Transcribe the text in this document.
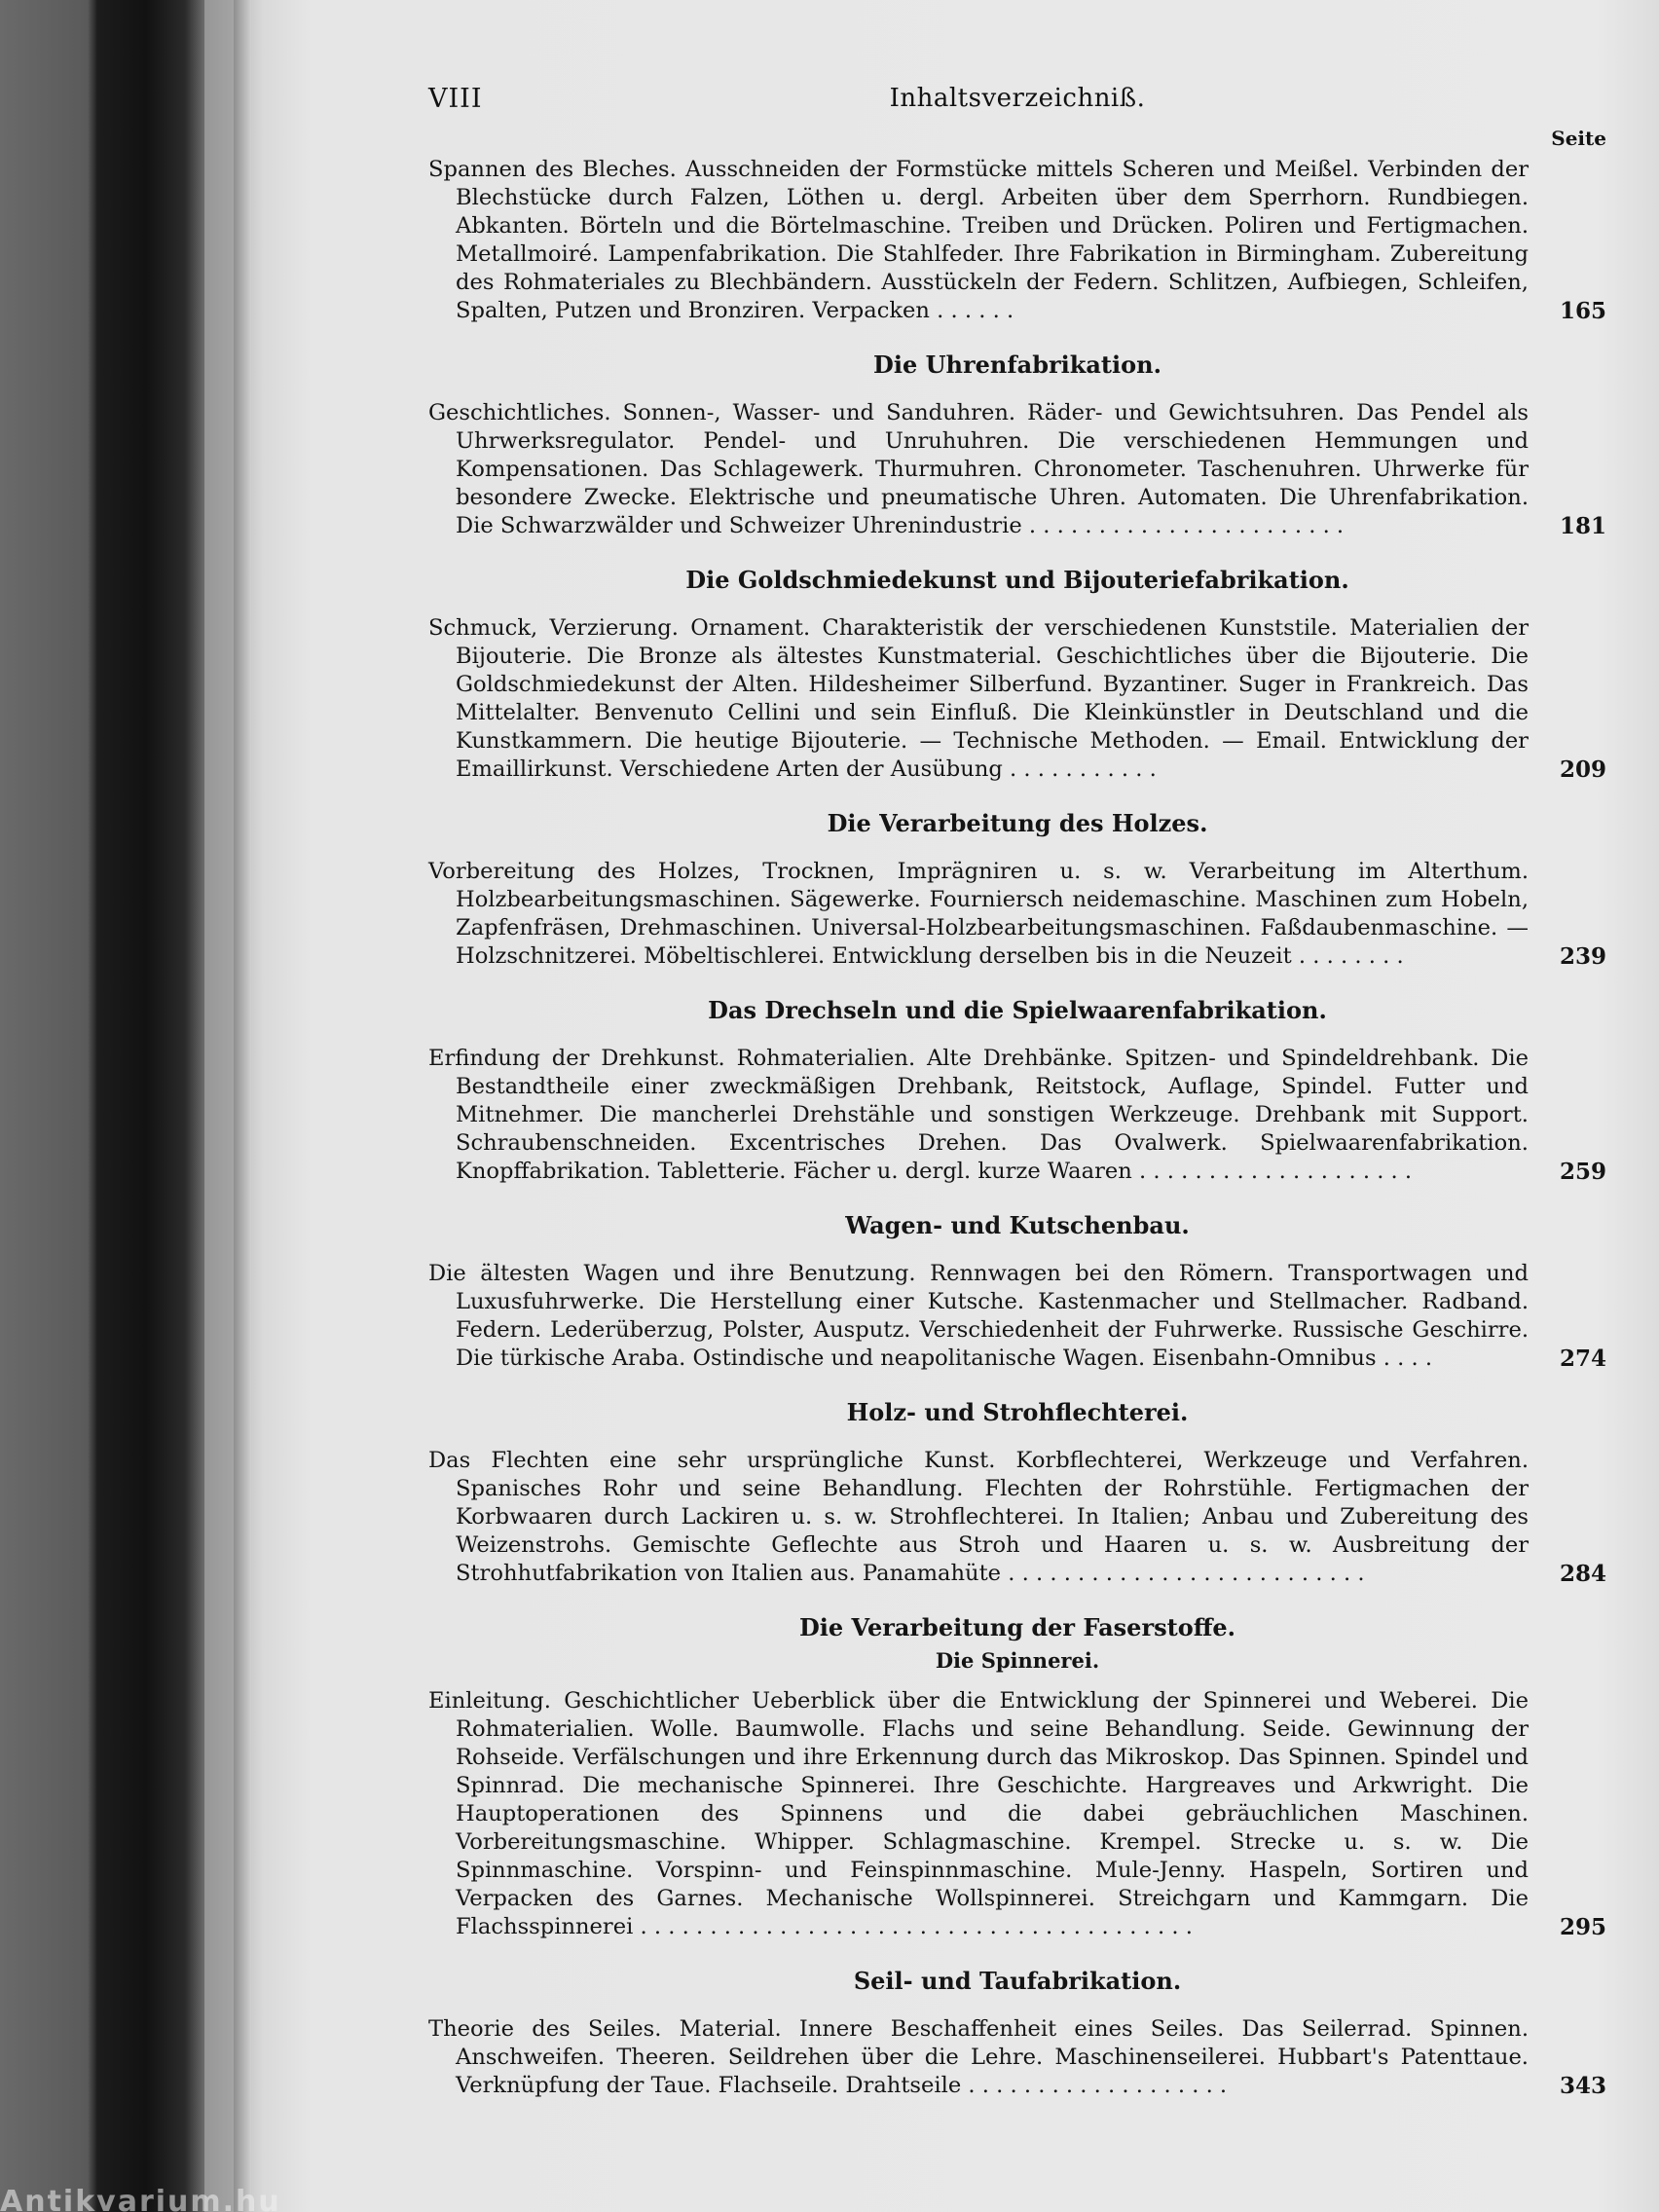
VIII	Inhaltsverzeichniß.
Seite
Spannen des Bleches. Ausschneiden der Formstücke mittels Scheren und Meißel. Verbinden der Blechstücke durch Falzen, Löthen u. dergl. Arbeiten über dem Sperrhorn. Rundbiegen. Abkanten. Börteln und die Börtelmaschine. Treiben und Drücken. Poliren und Fertigmachen. Metallmoiré. Lampenfabrikation. Die Stahlfeder. Ihre Fabrikation in Birmingham. Zubereitung des Rohmateriales zu Blechbändern. Ausstückeln der Federn. Schlitzen, Aufbiegen, Schleifen, Spalten, Putzen und Bronziren. Verpacken . . . . . .	165
Die Uhrenfabrikation.
Geschichtliches. Sonnen-, Wasser- und Sanduhren. Räder- und Gewichtsuhren. Das Pendel als Uhrwerksregulator. Pendel- und Unruhuhren. Die verschiedenen Hemmungen und Kompensationen. Das Schlagewerk. Thurmuhren. Chronometer. Taschenuhren. Uhrwerke für besondere Zwecke. Elektrische und pneumatische Uhren. Automaten. Die Uhrenfabrikation. Die Schwarzwälder und Schweizer Uhrenindustrie . . . . . . . . . . . . . . . . . . . . . . .	181
Die Goldschmiedekunst und Bijouteriefabrikation.
Schmuck, Verzierung. Ornament. Charakteristik der verschiedenen Kunststile. Materialien der Bijouterie. Die Bronze als ältestes Kunstmaterial. Geschichtliches über die Bijouterie. Die Goldschmiedekunst der Alten. Hildesheimer Silberfund. Byzantiner. Suger in Frankreich. Das Mittelalter. Benvenuto Cellini und sein Einfluß. Die Kleinkünstler in Deutschland und die Kunstkammern. Die heutige Bijouterie. — Technische Methoden. — Email. Entwicklung der Emaillirkunst. Verschiedene Arten der Ausübung . . . . . . . . . . .	209
Die Verarbeitung des Holzes.
Vorbereitung des Holzes, Trocknen, Imprägniren u. s. w. Verarbeitung im Alterthum. Holzbearbeitungsmaschinen. Sägewerke. Fourniersch neidemaschine. Maschinen zum Hobeln, Zapfenfräsen, Drehmaschinen. Universal-Holzbearbeitungsmaschinen. Faßdaubenmaschine. — Holzschnitzerei. Möbeltischlerei. Entwicklung derselben bis in die Neuzeit . . . . . . . .	239
Das Drechseln und die Spielwaarenfabrikation.
Erfindung der Drehkunst. Rohmaterialien. Alte Drehbänke. Spitzen- und Spindeldrehbank. Die Bestandtheile einer zweckmäßigen Drehbank, Reitstock, Auflage, Spindel. Futter und Mitnehmer. Die mancherlei Drehstähle und sonstigen Werkzeuge. Drehbank mit Support. Schraubenschneiden. Excentrisches Drehen. Das Ovalwerk. Spielwaarenfabrikation. Knopffabrikation. Tabletterie. Fächer u. dergl. kurze Waaren . . . . . . . . . . . . . . . . . . . .	259
Wagen- und Kutschenbau.
Die ältesten Wagen und ihre Benutzung. Rennwagen bei den Römern. Transportwagen und Luxusfuhrwerke. Die Herstellung einer Kutsche. Kastenmacher und Stellmacher. Radband. Federn. Lederüberzug, Polster, Ausputz. Verschiedenheit der Fuhrwerke. Russische Geschirre. Die türkische Araba. Ostindische und neapolitanische Wagen. Eisenbahn-Omnibus . . . .	274
Holz- und Strohflechterei.
Das Flechten eine sehr ursprüngliche Kunst. Korbflechterei, Werkzeuge und Verfahren. Spanisches Rohr und seine Behandlung. Flechten der Rohrstühle. Fertigmachen der Korbwaaren durch Lackiren u. s. w. Strohflechterei. In Italien; Anbau und Zubereitung des Weizenstrohs. Gemischte Geflechte aus Stroh und Haaren u. s. w. Ausbreitung der Strohhutfabrikation von Italien aus. Panamahüte . . . . . . . . . . . . . . . . . . . . . . . . . .	284
Die Verarbeitung der Faserstoffe.
Die Spinnerei.
Einleitung. Geschichtlicher Ueberblick über die Entwicklung der Spinnerei und Weberei. Die Rohmaterialien. Wolle. Baumwolle. Flachs und seine Behandlung. Seide. Gewinnung der Rohseide. Verfälschungen und ihre Erkennung durch das Mikroskop. Das Spinnen. Spindel und Spinnrad. Die mechanische Spinnerei. Ihre Geschichte. Hargreaves und Arkwright. Die Hauptoperationen des Spinnens und die dabei gebräuchlichen Maschinen. Vorbereitungsmaschine. Whipper. Schlagmaschine. Krempel. Strecke u. s. w. Die Spinnmaschine. Vorspinn- und Feinspinnmaschine. Mule-Jenny. Haspeln, Sortiren und Verpacken des Garnes. Mechanische Wollspinnerei. Streichgarn und Kammgarn. Die Flachsspinnerei . . . . . . . . . . . . . . . . . . . . . . . . . . . . . . . . . . . . . . . .	295
Seil- und Taufabrikation.
Theorie des Seiles. Material. Innere Beschaffenheit eines Seiles. Das Seilerrad. Spinnen. Anschweifen. Theeren. Seildrehen über die Lehre. Maschinenseilerei. Hubbart's Patenttaue. Verknüpfung der Taue. Flachseile. Drahtseile . . . . . . . . . . . . . . . . . . .	343
Antikvarium.hu
